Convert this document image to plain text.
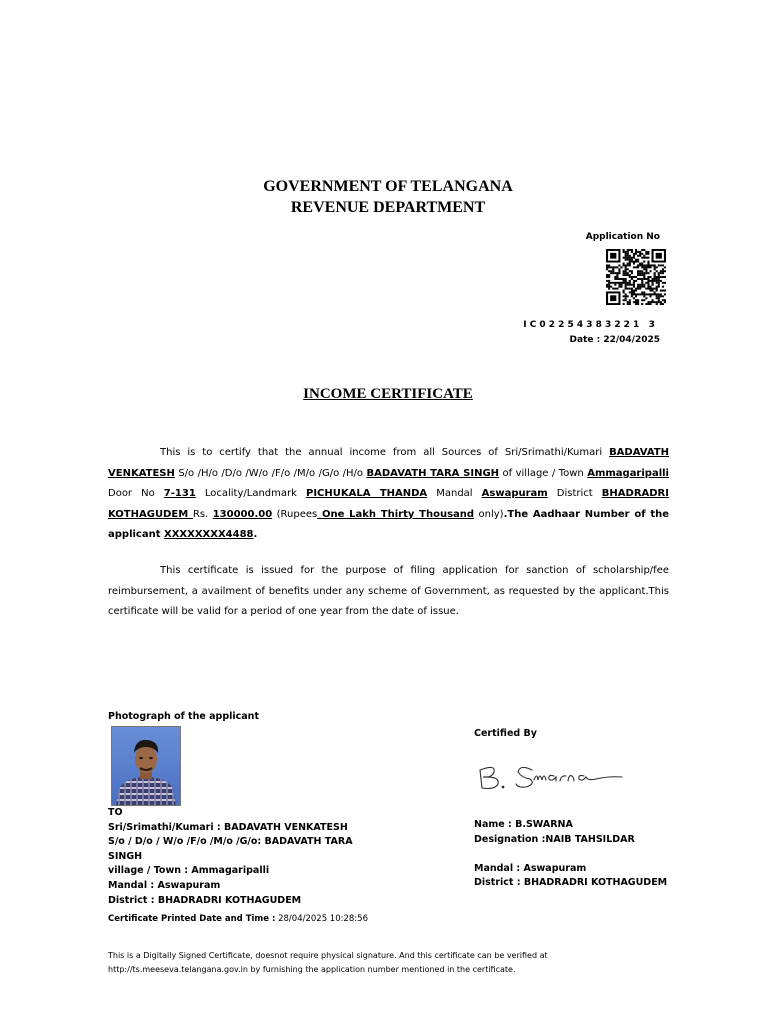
GOVERNMENT OF TELANGANA
REVENUE DEPARTMENT
Application No
IC02254383221 3
Date : 22/04/2025
INCOME CERTIFICATE

This is to certify that the annual income from all Sources of Sri/Srimathi/Kumari BADAVATH VENKATESH S/o /H/o /D/o /W/o /F/o /M/o /G/o /H/o BADAVATH TARA SINGH of village / Town Ammagaripalli Door No 7-131 Locality/Landmark PICHUKALA THANDA Mandal Aswapuram District BHADRADRI KOTHAGUDEM Rs. 130000.00 (Rupees One Lakh Thirty Thousand only).The Aadhaar Number of the applicant XXXXXXXX4488.

This certificate is issued for the purpose of filing application for sanction of scholarship/fee reimbursement, a availment of benefits under any scheme of Government, as requested by the applicant.This certificate will be valid for a period of one year from the date of issue.

Photograph of the applicant
TO
Sri/Srimathi/Kumari : BADAVATH VENKATESH
S/o / D/o / W/o /F/o /M/o /G/o: BADAVATH TARA SINGH
village / Town : Ammagaripalli
Mandal : Aswapuram
District : BHADRADRI KOTHAGUDEM
Certified By
Name : B.SWARNA
Designation :NAIB TAHSILDAR
Mandal : Aswapuram
District : BHADRADRI KOTHAGUDEM
Certificate Printed Date and Time : 28/04/2025 10:28:56
This is a Digitally Signed Certificate, doesnot require physical signature. And this certificate can be verified at
http://ts.meeseva.telangana.gov.in by furnishing the application number mentioned in the certificate.
